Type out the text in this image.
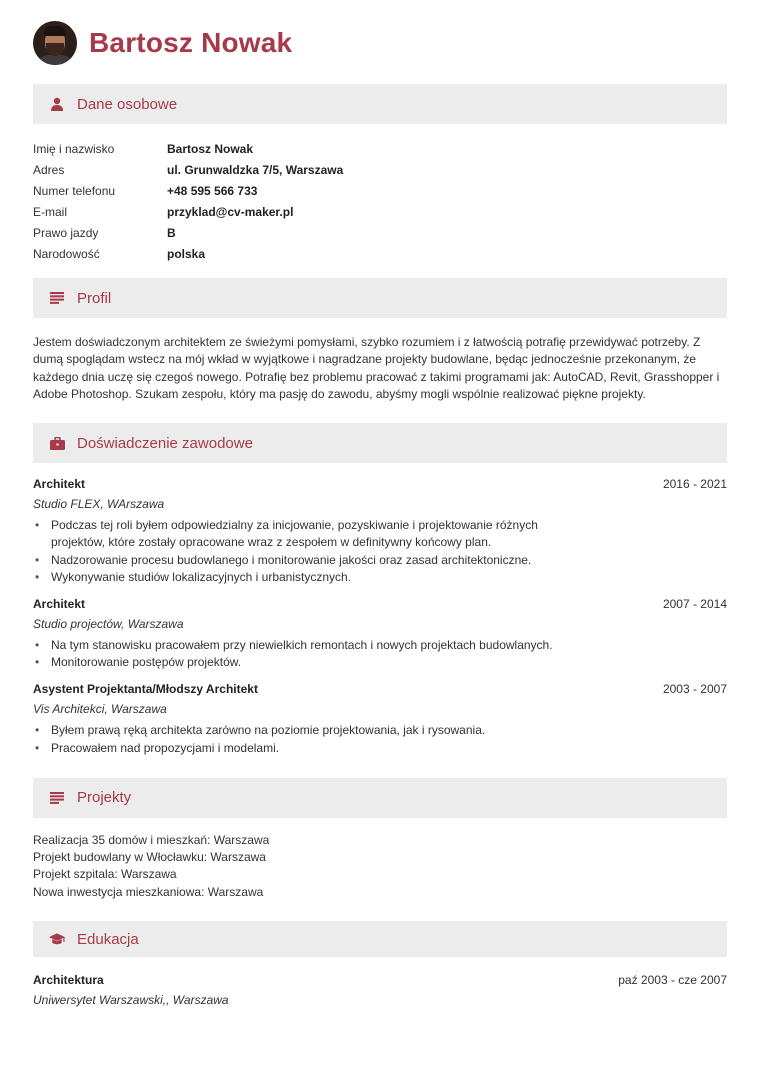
Bartosz Nowak
Dane osobowe
Imię i nazwisko	Bartosz Nowak
Adres	ul. Grunwaldzka 7/5, Warszawa
Numer telefonu	+48 595 566 733
E-mail	przyklad@cv-maker.pl
Prawo jazdy	B
Narodowość	polska
Profil

Jestem doświadczonym architektem ze świeżymi pomysłami, szybko rozumiem i z łatwością potrafię przewidywać potrzeby. Z dumą spoglądam wstecz na mój wkład w wyjątkowe i nagradzane projekty budowlane, będąc jednocześnie przekonanym, że każdego dnia uczę się czegoś nowego. Potrafię bez problemu pracować z takimi programami jak: AutoCAD, Revit, Grasshopper i Adobe Photoshop. Szukam zespołu, który ma pasję do zawodu, abyśmy mogli wspólnie realizować piękne projekty.

Doświadczenie zawodowe
Architekt	2016 - 2021
Studio FLEX, WArszawa
• Podczas tej roli byłem odpowiedzialny za inicjowanie, pozyskiwanie i projektowanie różnych projektów, które zostały opracowane wraz z zespołem w definitywny końcowy plan.
• Nadzorowanie procesu budowlanego i monitorowanie jakości oraz zasad architektoniczne.
• Wykonywanie studiów lokalizacyjnych i urbanistycznych.
Architekt	2007 - 2014
Studio projectów, Warszawa
• Na tym stanowisku pracowałem przy niewielkich remontach i nowych projektach budowlanych.
• Monitorowanie postępów projektów.
Asystent Projektanta/Młodszy Architekt	2003 - 2007
Vis Architekci, Warszawa
• Byłem prawą ręką architekta zarówno na poziomie projektowania, jak i rysowania.
• Pracowałem nad propozycjami i modelami.
Projekty
Realizacja 35 domów i mieszkań: Warszawa
Projekt budowlany w Włocławku: Warszawa
Projekt szpitala: Warszawa
Nowa inwestycja mieszkaniowa: Warszawa
Edukacja
Architektura	paź 2003 - cze 2007
Uniwersytet Warszawski,, Warszawa
